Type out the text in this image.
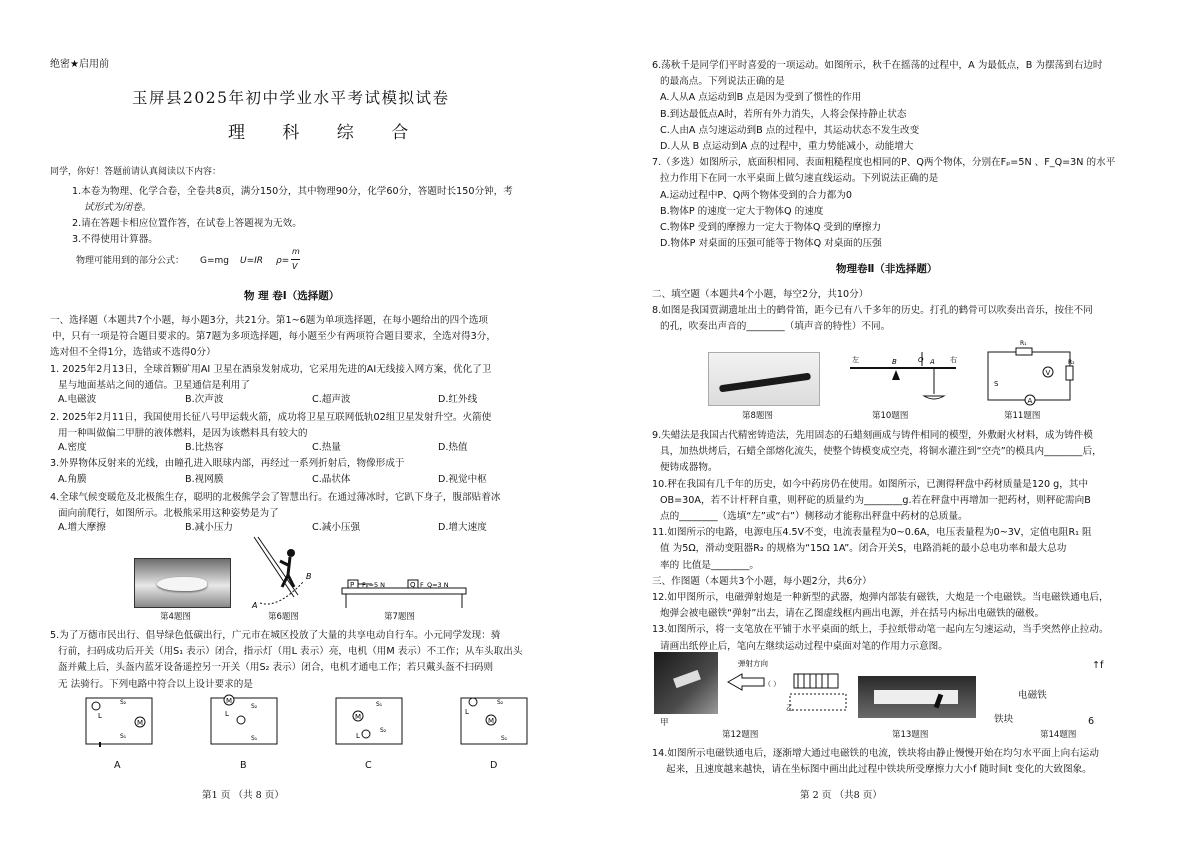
绝密★启用前
玉屏县2025年初中学业水平考试模拟试卷
理 科 综 合
同学，你好！答题前请认真阅读以下内容：
1.本卷为物理、化学合卷，全卷共8页，满分150分，其中物理90分，化学60分，答题时长150分钟，考
试形式为闭卷。
2.请在答题卡相应位置作答，在试卷上答题视为无效。
3.不得使用计算器。
物理可能用到的部分公式： G=mg U=IR ρ=
m
V
物 理 卷Ⅰ（选择题）
一、选择题（本题共7个小题，每小题3分，共21分。第1~6题为单项选择题，在每小题给出的四个选项
中，只有一项是符合题目要求的。第7题为多项选择题，每小题至少有两项符合题目要求，全选对得3分，
选对但不全得1分，选错或不选得0分）
1. 2025年2月13日，全球首颗矿用AI 卫星在酒泉发射成功，它采用先进的AI无线接入网方案，优化了卫
星与地面基站之间的通信。卫星通信是利用了
A.电磁波	B.次声波	C.超声波	D.红外线
2. 2025年2月11日，我国使用长征八号甲运载火箭，成功将卫星互联网低轨02组卫星发射升空。火箭使
用一种叫做偏二甲肼的液体燃料，是因为该燃料具有较大的
A.密度	B.比热容	C.热量	D.热值
3.外界物体反射来的光线，由瞳孔进入眼球内部，再经过一系列折射后，物像形成于
A.角膜	B.视网膜	C.晶状体	D.视觉中枢
4.全球气候变暖危及北极熊生存，聪明的北极熊学会了智慧出行。在通过薄冰时，它趴下身子，腹部贴着冰
面向前爬行，如图所示。北极熊采用这种姿势是为了
A.增大摩擦	B.减小压力	C.减小压强	D.增大速度
第4题图
A
B
第6题图
P Fₚ=5 N	Q F_Q=3 N
第7题图
5.为了万德市民出行、倡导绿色低碳出行，广元市在城区投放了大量的共享电动自行车。小元同学发现：骑
行前，扫码成功后开关（用S₁ 表示）闭合，指示灯（用L 表示）亮，电机（用M 表示）不工作；从车头取出头
盔并戴上后，头盔内蓝牙设备遥控另一开关（用S₂ 表示）闭合，电机才通电工作；若只戴头盔不扫码则
无 法骑行。下列电路中符合以上设计要求的是
M
L
S₂
S₁
M
L
S₂
S₁
M
L
S₁
S₂
M
L
S₂
S₁
A	B	C	D
第1 页 （共 8 页）
6.荡秋千是同学们平时喜爱的一项运动。如图所示，秋千在摇荡的过程中，A 为最低点，B 为摆荡到右边时
的最高点。下列说法正确的是
A.人从A 点运动到B 点是因为受到了惯性的作用
B.到达最低点A时，若所有外力消失，人将会保持静止状态
C.人由A 点匀速运动到B 点的过程中，其运动状态不发生改变
D.人从 B 点运动到A 点的过程中，重力势能减小，动能增大
7.（多选）如图所示，底面积相同、表面粗糙程度也相同的P、Q两个物体，分别在Fₚ=5N 、F_Q=3N 的水平
拉力作用下在同一水平桌面上做匀速直线运动。下列说法正确的是
A.运动过程中P、Q两个物体受到的合力都为0
B.物体P 的速度一定大于物体Q 的速度
C.物体P 受到的摩擦力一定大于物体Q 受到的摩擦力
D.物体P 对桌面的压强可能等于物体Q 对桌面的压强
物理卷Ⅱ（非选择题）
二、填空题（本题共4个小题，每空2分，共10分）
8.如图是我国贾湖遗址出土的鹤骨笛，距今已有八千多年的历史。打孔的鹤骨可以吹奏出音乐，按住不同
的孔，吹奏出声音的________（填声音的特性）不同。
第8题图
左	右
B	O A
第10题图
R₁
V
R₂
A
S
第11题图
9.失蜡法是我国古代精密铸造法，先用固态的石蜡刻画成与铸件相同的模型，外敷耐火材料，成为铸件模
具，加热烘烤后，石蜡全部熔化流失，使整个铸模变成空壳，将铜水灌注到“空壳”的模具内________后，
便铸成器物。
10.秤在我国有几千年的历史，如今中药房仍在使用。如图所示，已测得秤盘中药材质量是120 g，其中
OB=30A，若不计杆秤自重，则秤砣的质量约为________g.若在秤盘中再增加一把药材，则秤砣需向B
点的________（选填“左”或“右”）侧移动才能称出秤盘中药材的总质量。
11.如图所示的电路，电源电压4.5V不变，电流表量程为0~0.6A，电压表量程为0~3V，定值电阻R₁ 阻
值 为5Ω，滑动变阻器R₂ 的规格为“15Ω 1A”。闭合开关S，电路消耗的最小总电功率和最大总功
率的 比值是________。
三、作图题（本题共3个小题，每小题2分，共6分）
12.如甲图所示，电磁弹射炮是一种新型的武器，炮弹内部装有磁铁，大炮是一个电磁铁。当电磁铁通电后，
炮弹会被电磁铁“弹射”出去，请在乙图虚线框内画出电源，并在括号内标出电磁铁的磁极。
13.如图所示，将一支笔放在平铺于水平桌面的纸上，手拉纸带动笔一起向左匀速运动，当手突然停止拉动。
请画出纸停止后，笔向左继续运动过程中桌面对笔的作用力示意图。
甲
弹射方向
（ ）
乙
第12题图	第13题图
↑f
电磁铁
铁块	6
第14题图
14.如图所示电磁铁通电后，逐渐增大通过电磁铁的电流，铁块将由静止慢慢开始在均匀水平面上向右运动
起来，且速度越来越快，请在坐标图中画出此过程中铁块所受摩擦力大小f 随时间t 变化的大致图象。
第 2 页 （共8 页）
